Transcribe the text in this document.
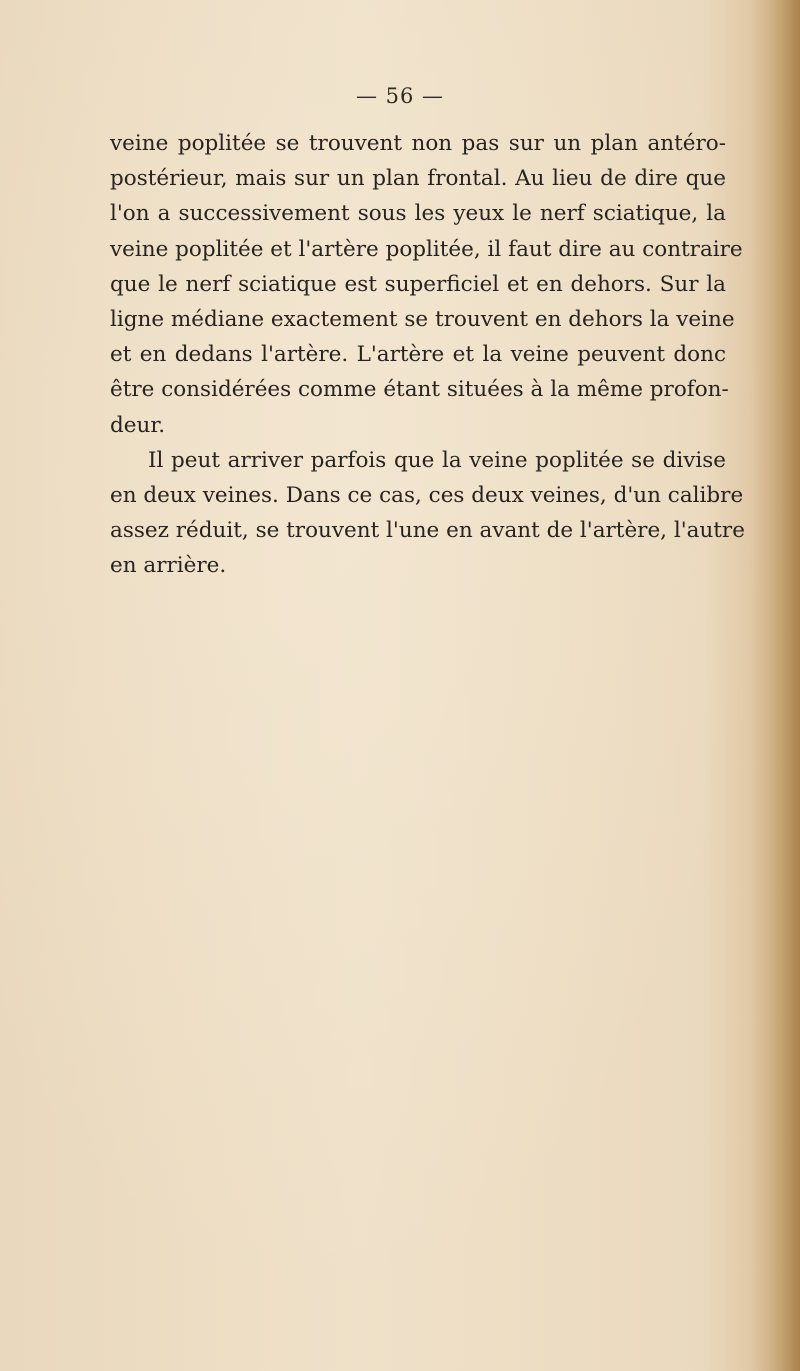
— 56 —
veine poplitée se trouvent non pas sur un plan antéro-
postérieur, mais sur un plan frontal. Au lieu de dire que
l'on a successivement sous les yeux le nerf sciatique, la
veine poplitée et l'artère poplitée, il faut dire au contraire
que le nerf sciatique est superficiel et en dehors. Sur la
ligne médiane exactement se trouvent en dehors la veine
et en dedans l'artère. L'artère et la veine peuvent donc
être considérées comme étant situées à la même profon-
deur.
Il peut arriver parfois que la veine poplitée se divise
en deux veines. Dans ce cas, ces deux veines, d'un calibre
assez réduit, se trouvent l'une en avant de l'artère, l'autre
en arrière.
